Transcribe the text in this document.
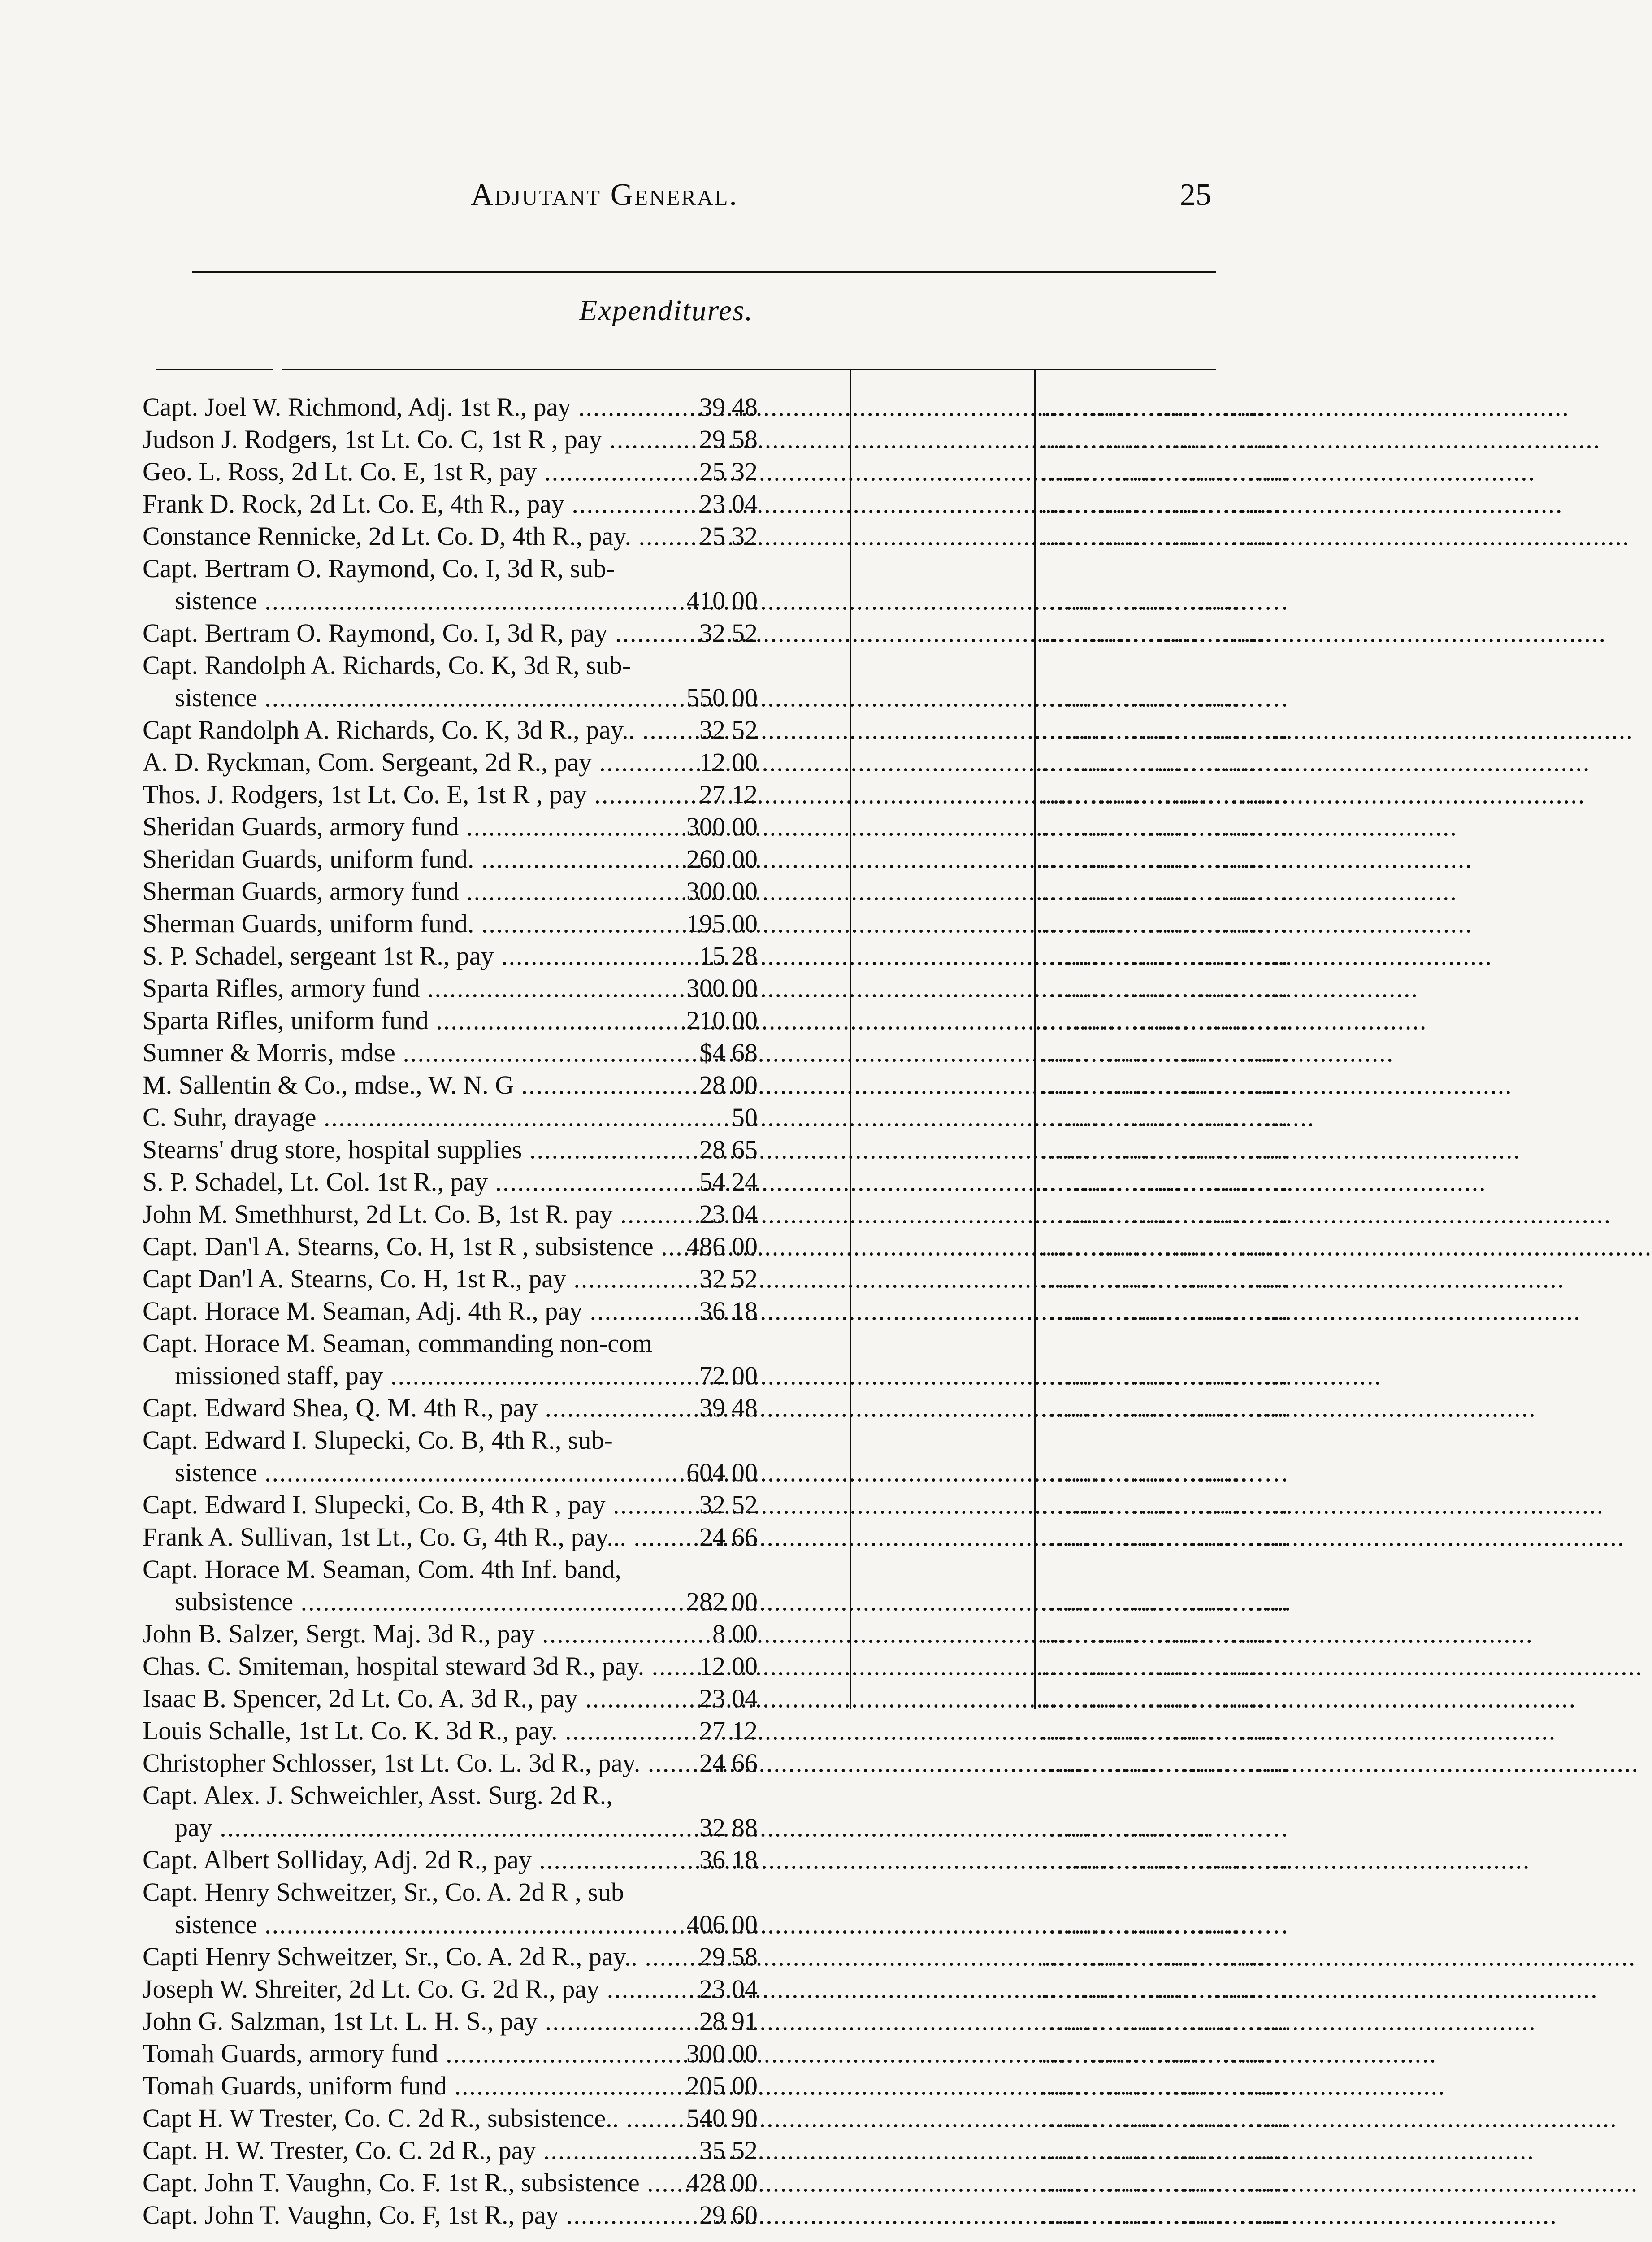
Adjutant General.	25
Expenditures.
Capt. Joel W. Richmond, Adj. 1st R., pay .....	39 48	..............................
Judson J. Rodgers, 1st Lt. Co. C, 1st R , pay .....	29 58	..............................
Geo. L. Ross, 2d Lt. Co. E, 1st R, pay .....	25 32	..............................
Frank D. Rock, 2d Lt. Co. E, 4th R., pay .....	23 04	..............................
Constance Rennicke, 2d Lt. Co. D, 4th R., pay. .....	25 32	..............................
Capt. Bertram O. Raymond, Co. I, 3d R, sub-
sistence .....	410 00	..............................
Capt. Bertram O. Raymond, Co. I, 3d R, pay .....	32 52	..............................
Capt. Randolph A. Richards, Co. K, 3d R, sub-
sistence .....	550 00	..............................
Capt Randolph A. Richards, Co. K, 3d R., pay.. .....	32 52	..............................
A. D. Ryckman, Com. Sergeant, 2d R., pay .....	12 00	..............................
Thos. J. Rodgers, 1st Lt. Co. E, 1st R , pay .....	27 12	..............................
Sheridan Guards, armory fund .....	300 00	..............................
Sheridan Guards, uniform fund. .....	260 00	..............................
Sherman Guards, armory fund .....	300 00	..............................
Sherman Guards, uniform fund. .....	195 00	..............................
S. P. Schadel, sergeant 1st R., pay .....	15 28	..............................
Sparta Rifles, armory fund .....	300 00	..............................
Sparta Rifles, uniform fund .....	210 00	..............................
Sumner & Morris, mdse .....	$4 68	..............................
M. Sallentin & Co., mdse., W. N. G .....	28 00	..............................
C. Suhr, drayage .....	50	..............................
Stearns' drug store, hospital supplies .....	28 65	..............................
S. P. Schadel, Lt. Col. 1st R., pay .....	54 24	..............................
John M. Smethhurst, 2d Lt. Co. B, 1st R. pay .....	23 04	..............................
Capt. Dan'l A. Stearns, Co. H, 1st R , subsistence .....	486 00	..............................
Capt Dan'l A. Stearns, Co. H, 1st R., pay .....	32 52	..............................
Capt. Horace M. Seaman, Adj. 4th R., pay .....	36 18	..............................
Capt. Horace M. Seaman, commanding non-com
missioned staff, pay .....	72 00	..............................
Capt. Edward Shea, Q. M. 4th R., pay .....	39 48	..............................
Capt. Edward I. Slupecki, Co. B, 4th R., sub-
sistence .....	604 00	..............................
Capt. Edward I. Slupecki, Co. B, 4th R , pay .....	32 52	..............................
Frank A. Sullivan, 1st Lt., Co. G, 4th R., pay... .....	24 66	..............................
Capt. Horace M. Seaman, Com. 4th Inf. band,
subsistence .....	282 00	..............................
John B. Salzer, Sergt. Maj. 3d R., pay .....	8 00	..............................
Chas. C. Smiteman, hospital steward 3d R., pay. .....	12 00	..............................
Isaac B. Spencer, 2d Lt. Co. A. 3d R., pay .....	23 04	..............................
Louis Schalle, 1st Lt. Co. K. 3d R., pay. .....	27 12	..............................
Christopher Schlosser, 1st Lt. Co. L. 3d R., pay. .....	24 66	..............................
Capt. Alex. J. Schweichler, Asst. Surg. 2d R.,
pay .....	32 88	..............................
Capt. Albert Solliday, Adj. 2d R., pay .....	36 18	..............................
Capt. Henry Schweitzer, Sr., Co. A. 2d R , sub
sistence .....	406 00	..............................
Capti Henry Schweitzer, Sr., Co. A. 2d R., pay.. .....	29 58	..............................
Joseph W. Shreiter, 2d Lt. Co. G. 2d R., pay .....	23 04	..............................
John G. Salzman, 1st Lt. L. H. S., pay .....	28 91	..............................
Tomah Guards, armory fund .....	300 00	..............................
Tomah Guards, uniform fund .....	205 00	..............................
Capt H. W Trester, Co. C. 2d R., subsistence.. .....	540 90	..............................
Capt. H. W. Trester, Co. C. 2d R., pay .....	35 52	..............................
Capt. John T. Vaughn, Co. F. 1st R., subsistence .....	428 00	..............................
Capt. John T. Vaughn, Co. F, 1st R., pay .....	29 60	..............................
